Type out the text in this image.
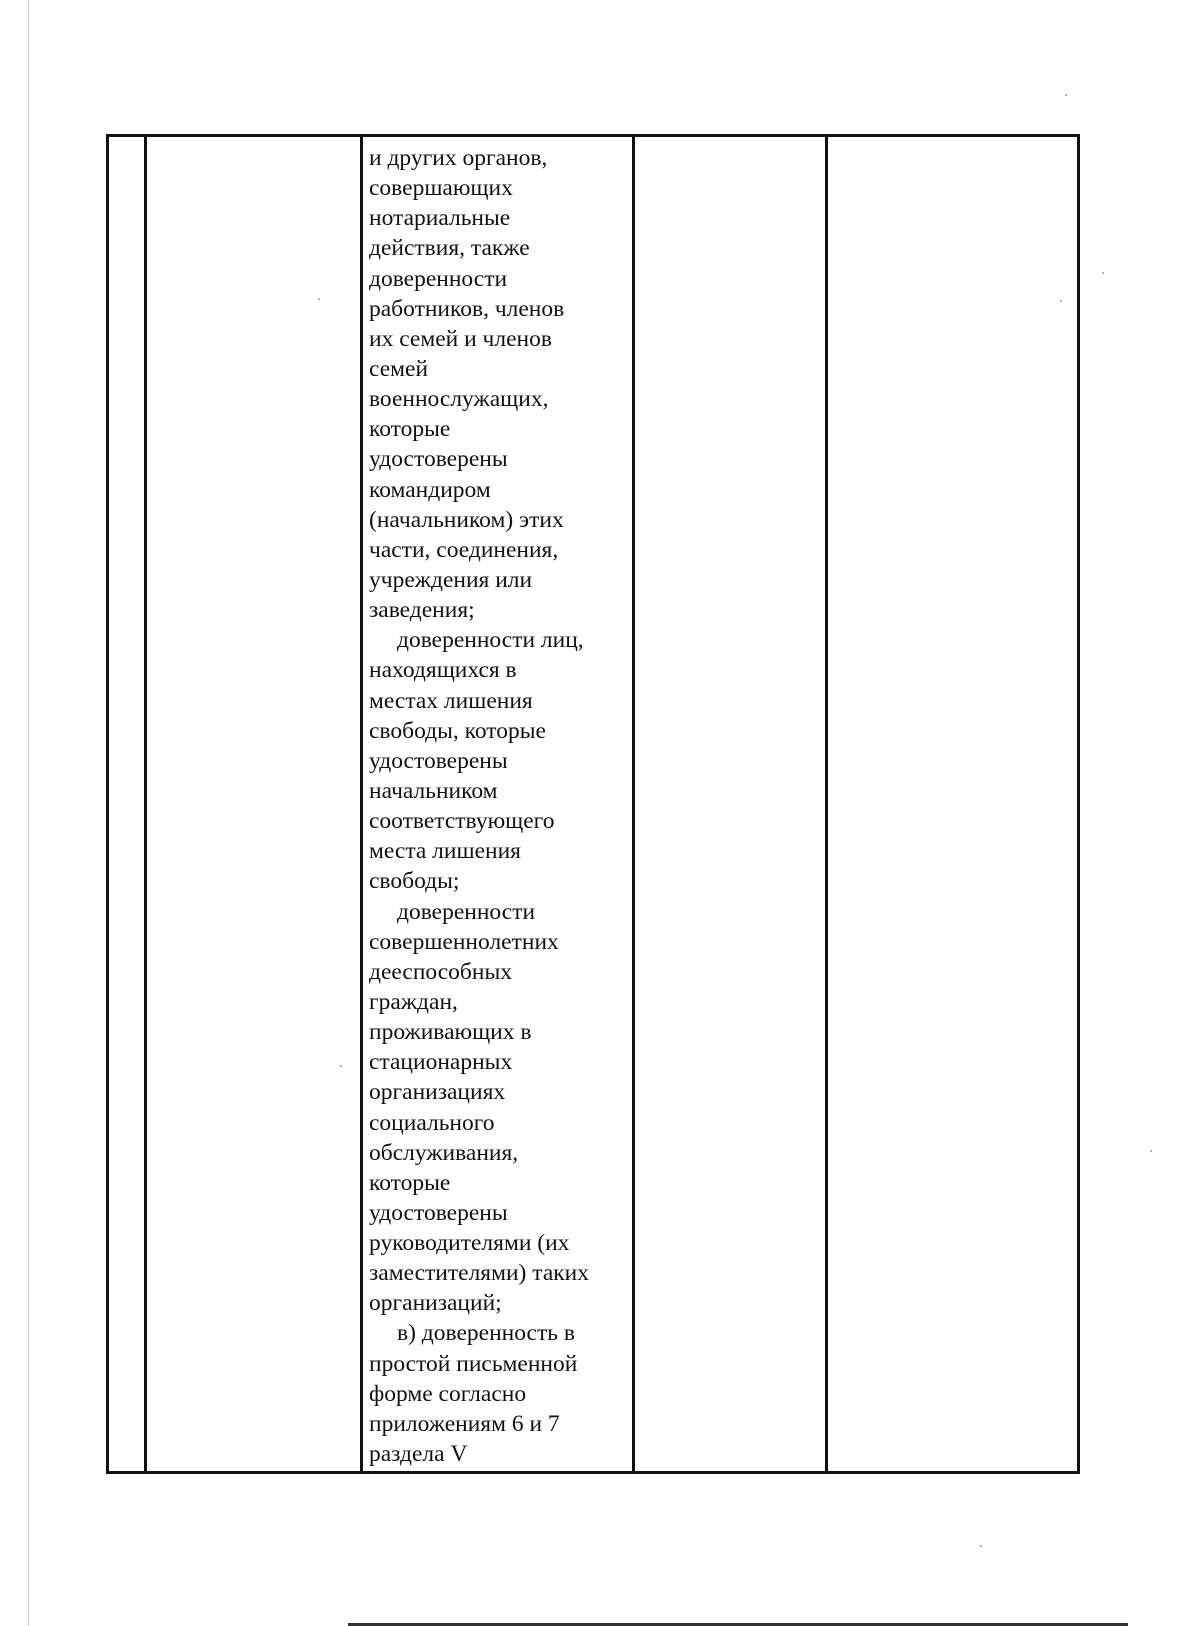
и других органов,
совершающих
нотариальные
действия, также
доверенности
работников, членов
их семей и членов
семей
военнослужащих,
которые
удостоверены
командиром
(начальником) этих
части, соединения,
учреждения или
заведения;
доверенности лиц,
находящихся в
местах лишения
свободы, которые
удостоверены
начальником
соответствующего
места лишения
свободы;
доверенности
совершеннолетних
дееспособных
граждан,
проживающих в
стационарных
организациях
социального
обслуживания,
которые
удостоверены
руководителями (их
заместителями) таких
организаций;
в) доверенность в
простой письменной
форме согласно
приложениям 6 и 7
раздела V
